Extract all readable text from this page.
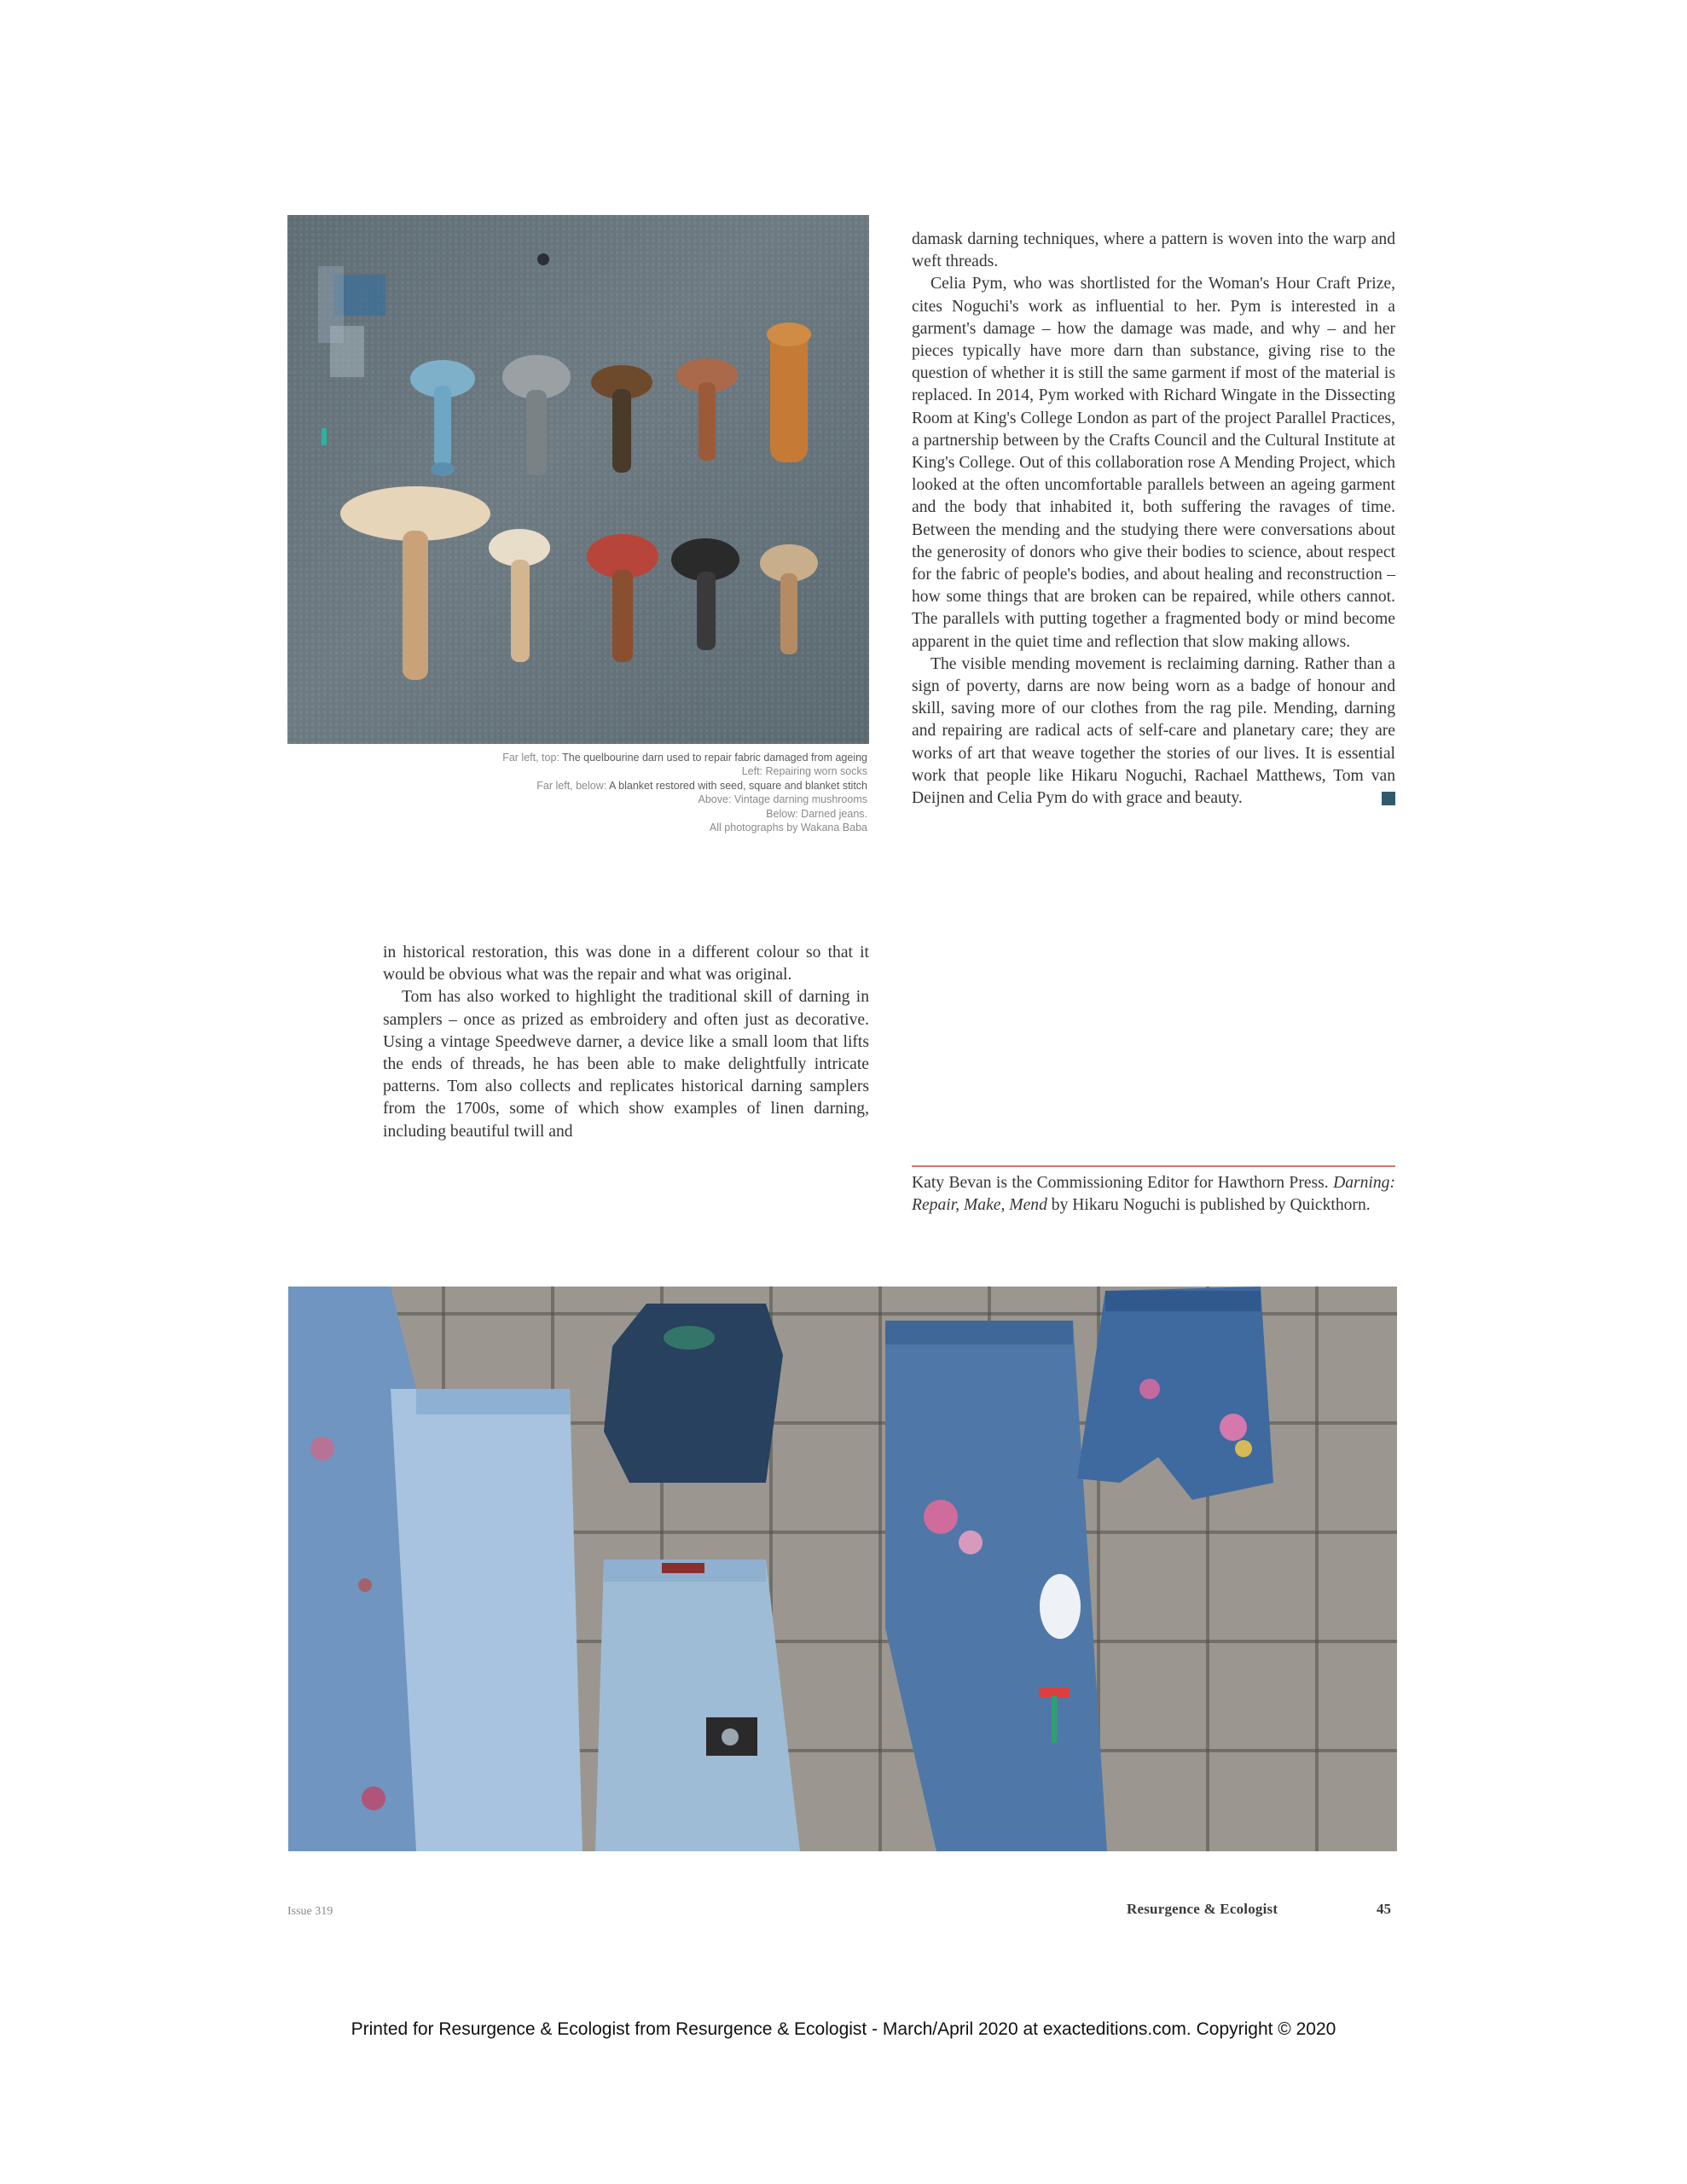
Far left, top: The quelbourine darn used to repair fabric damaged from ageing
Left: Repairing worn socks
Far left, below: A blanket restored with seed, square and blanket stitch
Above: Vintage darning mushrooms
Below: Darned jeans.
All photographs by Wakana Baba

damask darning techniques, where a pattern is woven into the warp and weft threads.

Celia Pym, who was shortlisted for the Woman's Hour Craft Prize, cites Noguchi's work as influential to her. Pym is interested in a garment's damage – how the damage was made, and why – and her pieces typically have more darn than substance, giving rise to the question of whether it is still the same garment if most of the material is replaced. In 2014, Pym worked with Richard Wingate in the Dissecting Room at King's College London as part of the project Parallel Practices, a partnership between by the Crafts Council and the Cultural Institute at King's College. Out of this collaboration rose A Mending Project, which looked at the often uncomfortable parallels between an ageing garment and the body that inhabited it, both suffering the ravages of time. Between the mending and the studying there were conversations about the generosity of donors who give their bodies to science, about respect for the fabric of people's bodies, and about healing and reconstruction – how some things that are broken can be repaired, while others cannot. The parallels with putting together a fragmented body or mind become apparent in the quiet time and reflection that slow making allows.

The visible mending movement is reclaiming darning. Rather than a sign of poverty, darns are now being worn as a badge of honour and skill, saving more of our clothes from the rag pile. Mending, darning and repairing are radical acts of self-care and planetary care; they are works of art that weave together the stories of our lives. It is essential work that people like Hikaru Noguchi, Rachael Matthews, Tom van Deijnen and Celia Pym do with grace and beauty.

Katy Bevan is the Commissioning Editor for Hawthorn Press. Darning: Repair, Make, Mend by Hikaru Noguchi is published by Quickthorn.

in historical restoration, this was done in a different colour so that it would be obvious what was the repair and what was original.

Tom has also worked to highlight the traditional skill of darning in samplers – once as prized as embroidery and often just as decorative. Using a vintage Speedweve darner, a device like a small loom that lifts the ends of threads, he has been able to make delightfully intricate patterns. Tom also collects and replicates historical darning samplers from the 1700s, some of which show examples of linen darning, including beautiful twill and

Issue 319	Resurgence & Ecologist	45
Printed for Resurgence & Ecologist from Resurgence & Ecologist - March/April 2020 at exacteditions.com. Copyright © 2020
